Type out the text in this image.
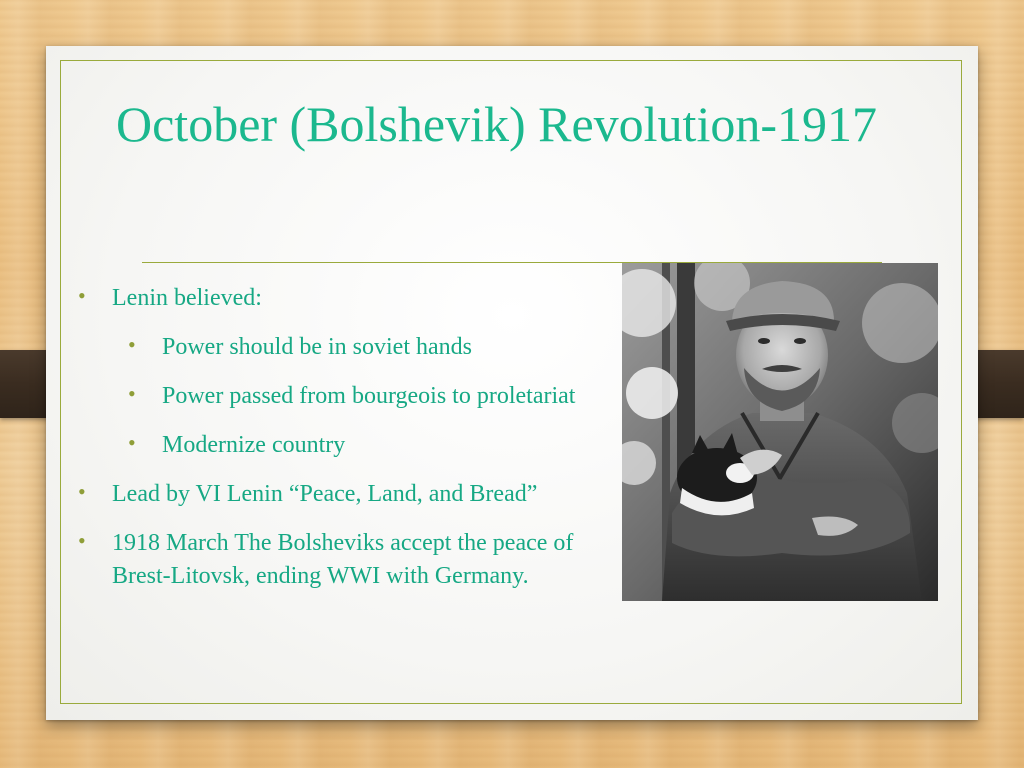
October (Bolshevik) Revolution-1917
• Lenin believed:
• Power should be in soviet hands
• Power passed from bourgeois to proletariat
• Modernize country
• Lead by VI Lenin “Peace, Land, and Bread”
• 1918 March The Bolsheviks accept the peace of Brest-Litovsk, ending WWI with Germany.
